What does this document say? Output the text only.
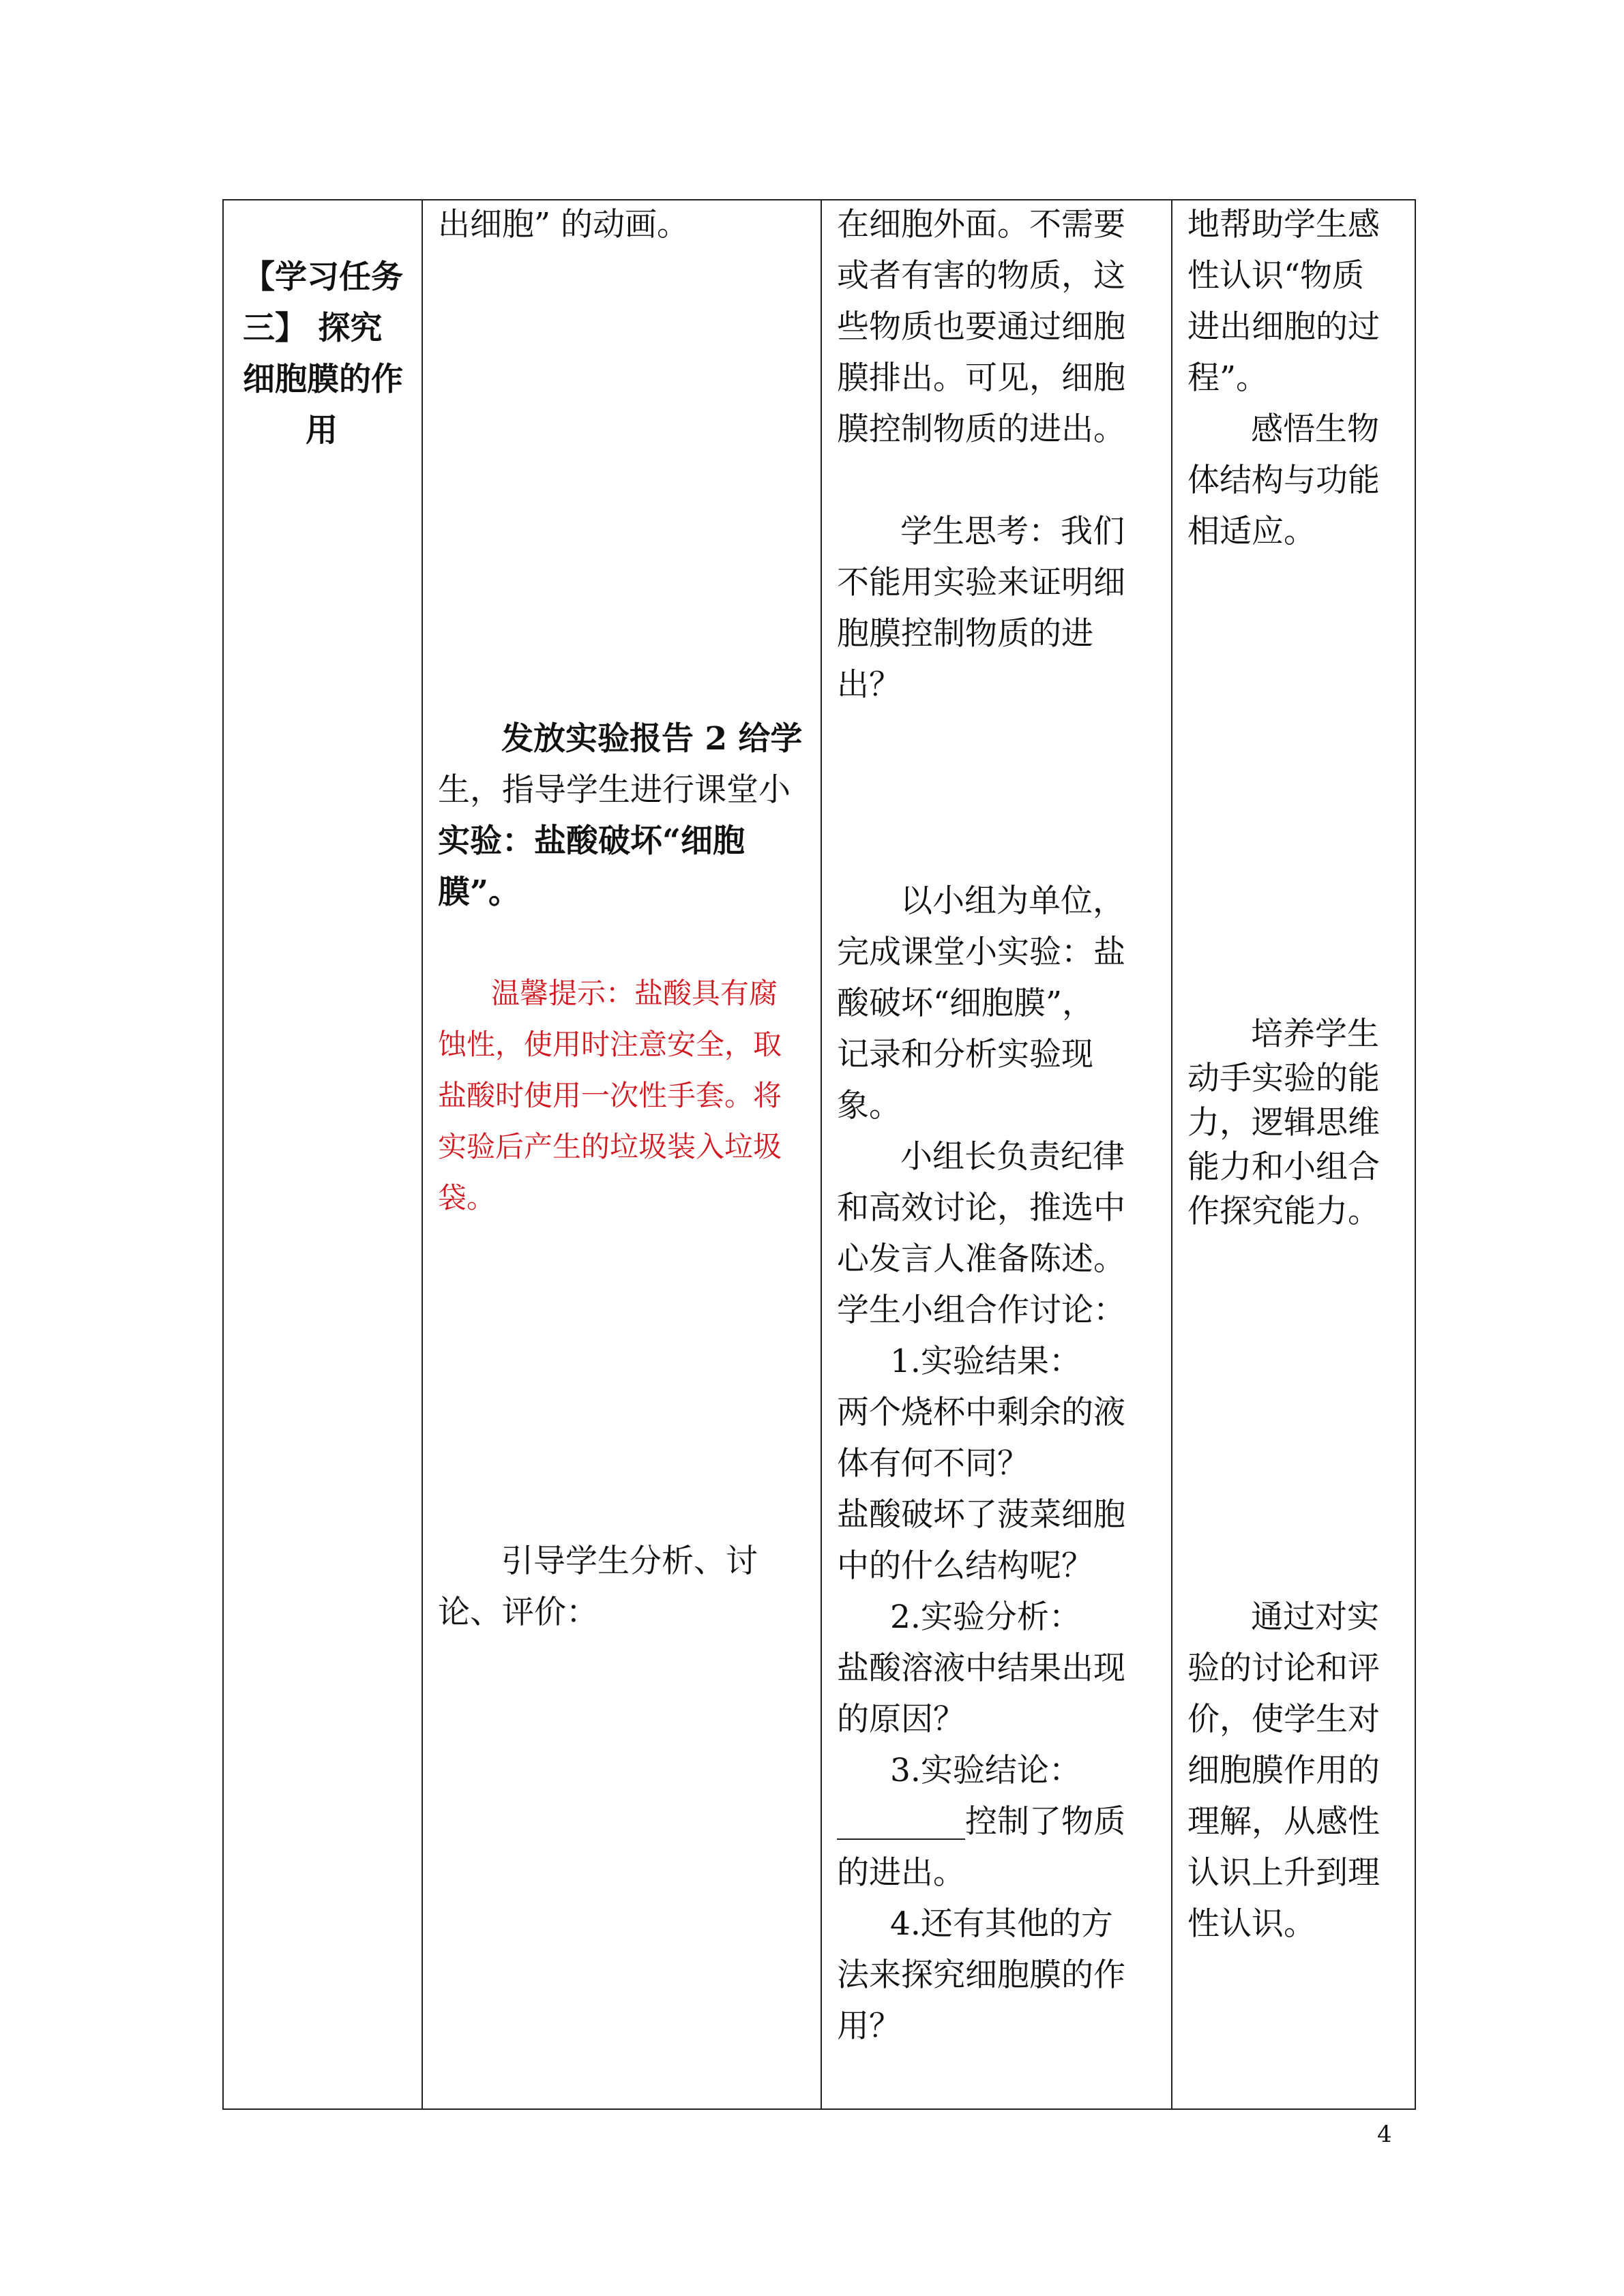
【学习任务
三】 探究
细胞膜的作
用
出细胞” 的动画。
发放实验报告 2 给学
生，指导学生进行课堂小
实验：盐酸破坏“细胞
膜”。
温馨提示：盐酸具有腐
蚀性，使用时注意安全，取
盐酸时使用一次性手套。将
实验后产生的垃圾装入垃圾
袋。
引导学生分析、讨
论、评价：
在细胞外面。不需要
或者有害的物质，这
些物质也要通过细胞
膜排出。可见，细胞
膜控制物质的进出。
学生思考：我们
不能用实验来证明细
胞膜控制物质的进
出？
以小组为单位，
完成课堂小实验：盐
酸破坏“细胞膜”，
记录和分析实验现
象。
小组长负责纪律
和高效讨论，推选中
心发言人准备陈述。
学生小组合作讨论：
1.实验结果：
两个烧杯中剩余的液
体有何不同？
盐酸破坏了菠菜细胞
中的什么结构呢？
2.实验分析：
盐酸溶液中结果出现
的原因？
3.实验结论：
________控制了物质
的进出。
4.还有其他的方
法来探究细胞膜的作
用？
地帮助学生感
性认识“物质
进出细胞的过
程”。
感悟生物
体结构与功能
相适应。
培养学生
动手实验的能
力，逻辑思维
能力和小组合
作探究能力。
通过对实
验的讨论和评
价，使学生对
细胞膜作用的
理解，从感性
认识上升到理
性认识。
4
